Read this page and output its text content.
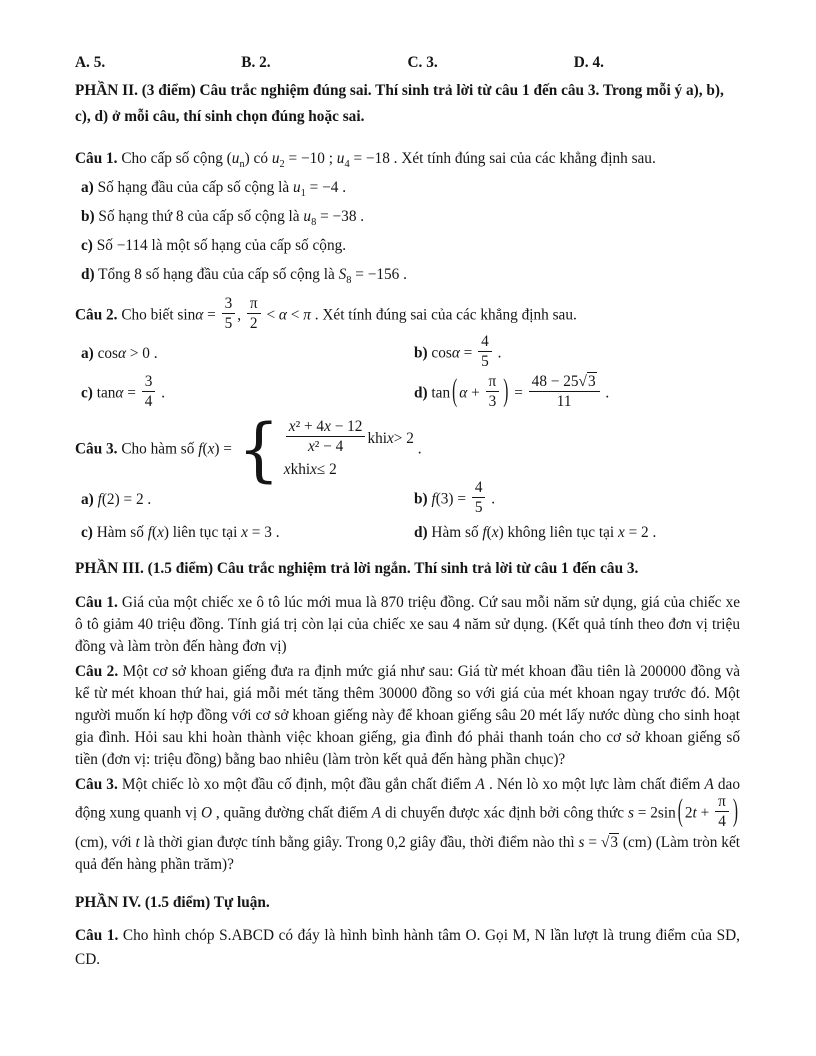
A. 5.	B. 2.	C. 3.	D. 4.

PHẦN II. (3 điểm) Câu trắc nghiệm đúng sai. Thí sinh trả lời từ câu 1 đến câu 3. Trong mỗi ý a), b), c), d) ở mỗi câu, thí sinh chọn đúng hoặc sai.

Câu 1. Cho cấp số cộng $(u_n)$ có $u_2 = -10$ ; $u_4 = -18$ . Xét tính đúng sai của các khẳng định sau.

a) Số hạng đầu của cấp số cộng là $u_1 = -4$ .

b) Số hạng thứ 8 của cấp số cộng là $u_8 = -38$ .

c) Số −114 là một số hạng của cấp số cộng.

d) Tổng 8 số hạng đầu của cấp số cộng là $S_8 = -156$ .

Câu 2. Cho biết $\sin\alpha = \frac{3}{5}$ , $\frac{\pi}{2} < \alpha < \pi$ . Xét tính đúng sai của các khẳng định sau.

a) cosα > 0 .	b) $\cos\alpha = \frac{4}{5}$ .

c) $\tan\alpha = \frac{3}{4}$ .	d) tan ( $\alpha + \frac{\pi}{3}$ ) = $\frac{48 - 25√3}{11}$ .

Câu 3. Cho hàm số f(x) = { $\frac{\text{x² + 4x − 12}}{\text{x² − 4}}$ khi x > 2
x khi x ≤ 2
.

a) f(2) = 2 .	b) $f(3) = \frac{4}{5}$ .

c) Hàm số f(x) liên tục tại x = 3 .	d) Hàm số f(x) không liên tục tại x = 2 .

PHẦN III. (1.5 điểm) Câu trắc nghiệm trả lời ngắn. Thí sinh trả lời từ câu 1 đến câu 3.

Câu 1. Giá của một chiếc xe ô tô lúc mới mua là 870 triệu đồng. Cứ sau mỗi năm sử dụng, giá của chiếc xe ô tô giảm 40 triệu đồng. Tính giá trị còn lại của chiếc xe sau 4 năm sử dụng. (Kết quả tính theo đơn vị triệu đồng và làm tròn đến hàng đơn vị)

Câu 2. Một cơ sở khoan giếng đưa ra định mức giá như sau: Giá từ mét khoan đầu tiên là 200000 đồng và kể từ mét khoan thứ hai, giá mỗi mét tăng thêm 30000 đồng so với giá của mét khoan ngay trước đó. Một người muốn kí hợp đồng với cơ sở khoan giếng này để khoan giếng sâu 20 mét lấy nước dùng cho sinh hoạt gia đình. Hỏi sau khi hoàn thành việc khoan giếng, gia đình đó phải thanh toán cho cơ sở khoan giếng số tiền (đơn vị: triệu đồng) bằng bao nhiêu (làm tròn kết quả đến hàng phần chục)?

Câu 3. Một chiếc lò xo một đầu cố định, một đầu gắn chất điểm A . Nén lò xo một lực làm chất điểm A dao động xung quanh vị O , quãng đường chất điểm A di chuyển được xác định bởi công thức s = 2sin ( $2t + \frac{\pi}{4}$ ) (cm), với t là thời gian được tính bằng giây. Trong 0,2 giây đầu, thời điểm nào thì s = √3 (cm) (Làm tròn kết quả đến hàng phần trăm)?

PHẦN IV. (1.5 điểm) Tự luận.

Câu 1. Cho hình chóp S.ABCD có đáy là hình bình hành tâm O. Gọi M, N lần lượt là trung điểm của SD, CD.
